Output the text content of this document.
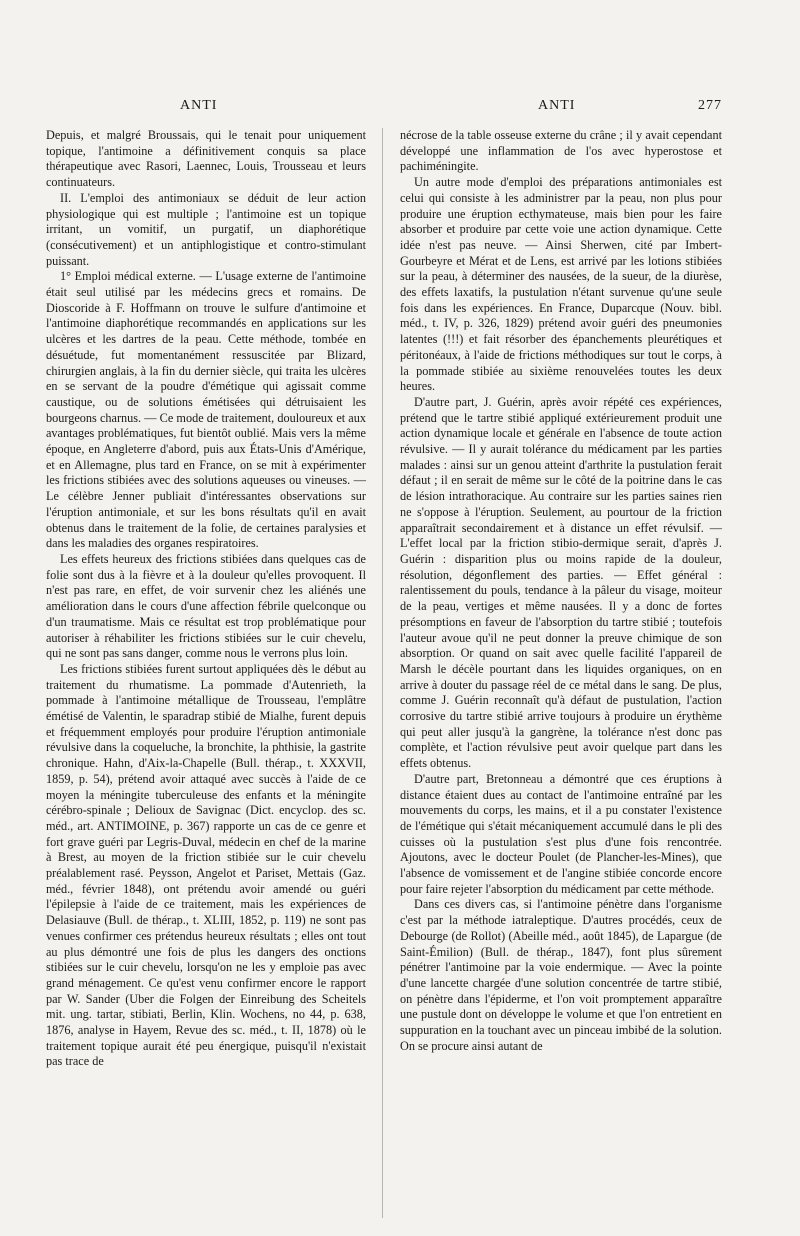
ANTI	ANTI	277

Depuis, et malgré Broussais, qui le tenait pour uniquement topique, l'antimoine a définitivement conquis sa place thérapeutique avec Rasori, Laennec, Louis, Trousseau et leurs continuateurs.

II. L'emploi des antimoniaux se déduit de leur action physiologique qui est multiple ; l'antimoine est un topique irritant, un vomitif, un purgatif, un diaphorétique (consécutivement) et un antiphlogistique et contro-stimulant puissant.

1° Emploi médical externe. — L'usage externe de l'antimoine était seul utilisé par les médecins grecs et romains. De Dioscoride à F. Hoffmann on trouve le sulfure d'antimoine et l'antimoine diaphorétique recommandés en applications sur les ulcères et les dartres de la peau. Cette méthode, tombée en désuétude, fut momentanément ressuscitée par Blizard, chirurgien anglais, à la fin du dernier siècle, qui traita les ulcères en se servant de la poudre d'émétique qui agissait comme caustique, ou de solutions émétisées qui détruisaient les bourgeons charnus. — Ce mode de traitement, douloureux et aux avantages problématiques, fut bientôt oublié. Mais vers la même époque, en Angleterre d'abord, puis aux États-Unis d'Amérique, et en Allemagne, plus tard en France, on se mit à expérimenter les frictions stibiées avec des solutions aqueuses ou vineuses. — Le célèbre Jenner publiait d'intéressantes observations sur l'éruption antimoniale, et sur les bons résultats qu'il en avait obtenus dans le traitement de la folie, de certaines paralysies et dans les maladies des organes respiratoires.

Les effets heureux des frictions stibiées dans quelques cas de folie sont dus à la fièvre et à la douleur qu'elles provoquent. Il n'est pas rare, en effet, de voir survenir chez les aliénés une amélioration dans le cours d'une affection fébrile quelconque ou d'un traumatisme. Mais ce résultat est trop problématique pour autoriser à réhabiliter les frictions stibiées sur le cuir chevelu, qui ne sont pas sans danger, comme nous le verrons plus loin.

Les frictions stibiées furent surtout appliquées dès le début au traitement du rhumatisme. La pommade d'Autenrieth, la pommade à l'antimoine métallique de Trousseau, l'emplâtre émétisé de Valentin, le sparadrap stibié de Mialhe, furent depuis et fréquemment employés pour produire l'éruption antimoniale révulsive dans la coqueluche, la bronchite, la phthisie, la gastrite chronique. Hahn, d'Aix-la-Chapelle (Bull. thérap., t. XXXVII, 1859, p. 54), prétend avoir attaqué avec succès à l'aide de ce moyen la méningite tuberculeuse des enfants et la méningite cérébro-spinale ; Delioux de Savignac (Dict. encyclop. des sc. méd., art. ANTIMOINE, p. 367) rapporte un cas de ce genre et fort grave guéri par Legris-Duval, médecin en chef de la marine à Brest, au moyen de la friction stibiée sur le cuir chevelu préalablement rasé. Peysson, Angelot et Pariset, Mettais (Gaz. méd., février 1848), ont prétendu avoir amendé ou guéri l'épilepsie à l'aide de ce traitement, mais les expériences de Delasiauve (Bull. de thérap., t. XLIII, 1852, p. 119) ne sont pas venues confirmer ces prétendus heureux résultats ; elles ont tout au plus démontré une fois de plus les dangers des onctions stibiées sur le cuir chevelu, lorsqu'on ne les y emploie pas avec grand ménagement. Ce qu'est venu confirmer encore le rapport par W. Sander (Uber die Folgen der Einreibung des Scheitels mit. ung. tartar, stibiati, Berlin, Klin. Wochens, no 44, p. 638, 1876, analyse in Hayem, Revue des sc. méd., t. II, 1878) où le traitement topique aurait été peu énergique, puisqu'il n'existait pas trace de

nécrose de la table osseuse externe du crâne ; il y avait cependant développé une inflammation de l'os avec hyperostose et pachiméningite.

Un autre mode d'emploi des préparations antimoniales est celui qui consiste à les administrer par la peau, non plus pour produire une éruption ecthymateuse, mais bien pour les faire absorber et produire par cette voie une action dynamique. Cette idée n'est pas neuve. — Ainsi Sherwen, cité par Imbert-Gourbeyre et Mérat et de Lens, est arrivé par les lotions stibiées sur la peau, à déterminer des nausées, de la sueur, de la diurèse, des effets laxatifs, la pustulation n'étant survenue qu'une seule fois dans les expériences. En France, Duparcque (Nouv. bibl. méd., t. IV, p. 326, 1829) prétend avoir guéri des pneumonies latentes (!!!) et fait résorber des épanchements pleurétiques et péritonéaux, à l'aide de frictions méthodiques sur tout le corps, à la pommade stibiée au sixième renouvelées toutes les deux heures.

D'autre part, J. Guérin, après avoir répété ces expériences, prétend que le tartre stibié appliqué extérieurement produit une action dynamique locale et générale en l'absence de toute action révulsive. — Il y aurait tolérance du médicament par les parties malades : ainsi sur un genou atteint d'arthrite la pustulation ferait défaut ; il en serait de même sur le côté de la poitrine dans le cas de lésion intrathoracique. Au contraire sur les parties saines rien ne s'oppose à l'éruption. Seulement, au pourtour de la friction apparaîtrait secondairement et à distance un effet révulsif. — L'effet local par la friction stibio-dermique serait, d'après J. Guérin : disparition plus ou moins rapide de la douleur, résolution, dégonflement des parties. — Effet général : ralentissement du pouls, tendance à la pâleur du visage, moiteur de la peau, vertiges et même nausées. Il y a donc de fortes présomptions en faveur de l'absorption du tartre stibié ; toutefois l'auteur avoue qu'il ne peut donner la preuve chimique de son absorption. Or quand on sait avec quelle facilité l'appareil de Marsh le décèle pourtant dans les liquides organiques, on en arrive à douter du passage réel de ce métal dans le sang. De plus, comme J. Guérin reconnaît qu'à défaut de pustulation, l'action corrosive du tartre stibié arrive toujours à produire un érythème qui peut aller jusqu'à la gangrène, la tolérance n'est donc pas complète, et l'action révulsive peut avoir quelque part dans les effets obtenus.

D'autre part, Bretonneau a démontré que ces éruptions à distance étaient dues au contact de l'antimoine entraîné par les mouvements du corps, les mains, et il a pu constater l'existence de l'émétique qui s'était mécaniquement accumulé dans le pli des cuisses où la pustulation s'est plus d'une fois rencontrée. Ajoutons, avec le docteur Poulet (de Plancher-les-Mines), que l'absence de vomissement et de l'angine stibiée concorde encore pour faire rejeter l'absorption du médicament par cette méthode.

Dans ces divers cas, si l'antimoine pénètre dans l'organisme c'est par la méthode iatraleptique. D'autres procédés, ceux de Debourge (de Rollot) (Abeille méd., août 1845), de Lapargue (de Saint-Émilion) (Bull. de thérap., 1847), font plus sûrement pénétrer l'antimoine par la voie endermique. — Avec la pointe d'une lancette chargée d'une solution concentrée de tartre stibié, on pénètre dans l'épiderme, et l'on voit promptement apparaître une pustule dont on développe le volume et que l'on entretient en suppuration en la touchant avec un pinceau imbibé de la solution. On se procure ainsi autant de
